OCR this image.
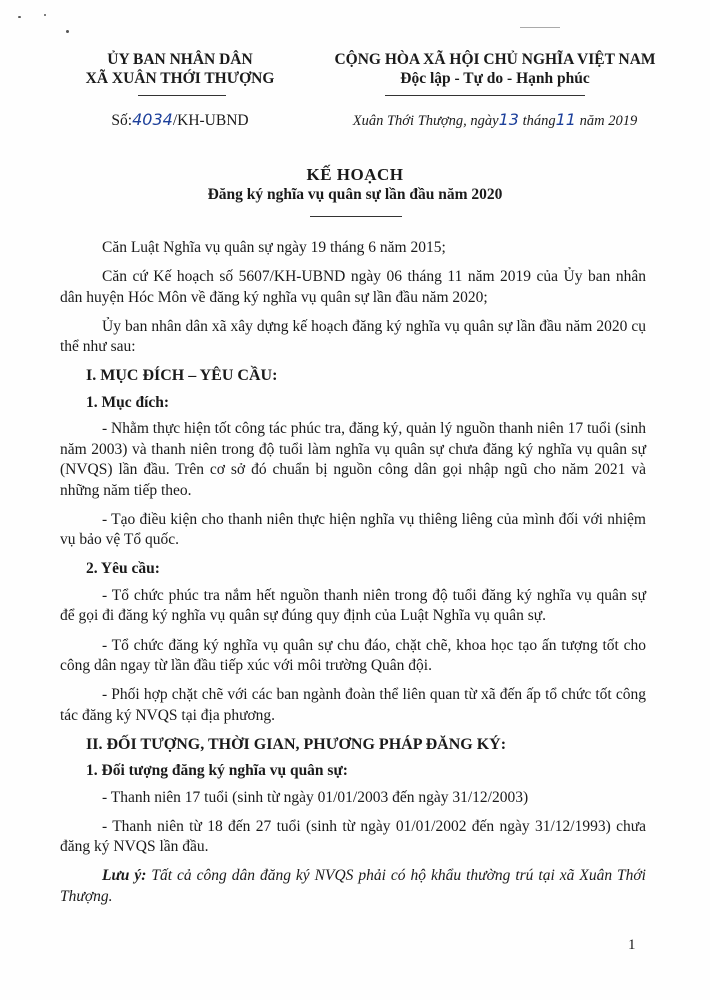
ỦY BAN NHÂN DÂN
XÃ XUÂN THỚI THƯỢNG
CỘNG HÒA XÃ HỘI CHỦ NGHĨA VIỆT NAM
Độc lập - Tự do - Hạnh phúc
Số:4034/KH-UBND	Xuân Thới Thượng, ngày13 tháng11 năm 2019
KẾ HOẠCH
Đăng ký nghĩa vụ quân sự lần đầu năm 2020

Căn Luật Nghĩa vụ quân sự ngày 19 tháng 6 năm 2015;

Căn cứ Kế hoạch số 5607/KH-UBND ngày 06 tháng 11 năm 2019 của Ủy ban nhân dân huyện Hóc Môn về đăng ký nghĩa vụ quân sự lần đầu năm 2020;

Ủy ban nhân dân xã xây dựng kế hoạch đăng ký nghĩa vụ quân sự lần đầu năm 2020 cụ thể như sau:

I. MỤC ĐÍCH – YÊU CẦU:

1. Mục đích:

- Nhằm thực hiện tốt công tác phúc tra, đăng ký, quản lý nguồn thanh niên 17 tuổi (sinh năm 2003) và thanh niên trong độ tuổi làm nghĩa vụ quân sự chưa đăng ký nghĩa vụ quân sự (NVQS) lần đầu. Trên cơ sở đó chuẩn bị nguồn công dân gọi nhập ngũ cho năm 2021 và những năm tiếp theo.

- Tạo điều kiện cho thanh niên thực hiện nghĩa vụ thiêng liêng của mình đối với nhiệm vụ bảo vệ Tổ quốc.

2. Yêu cầu:

- Tổ chức phúc tra nắm hết nguồn thanh niên trong độ tuổi đăng ký nghĩa vụ quân sự để gọi đi đăng ký nghĩa vụ quân sự đúng quy định của Luật Nghĩa vụ quân sự.

- Tổ chức đăng ký nghĩa vụ quân sự chu đáo, chặt chẽ, khoa học tạo ấn tượng tốt cho công dân ngay từ lần đầu tiếp xúc với môi trường Quân đội.

- Phối hợp chặt chẽ với các ban ngành đoàn thể liên quan từ xã đến ấp tổ chức tốt công tác đăng ký NVQS tại địa phương.

II. ĐỐI TƯỢNG, THỜI GIAN, PHƯƠNG PHÁP ĐĂNG KÝ:

1. Đối tượng đăng ký nghĩa vụ quân sự:

- Thanh niên 17 tuổi (sinh từ ngày 01/01/2003 đến ngày 31/12/2003)

- Thanh niên từ 18 đến 27 tuổi (sinh từ ngày 01/01/2002 đến ngày 31/12/1993) chưa đăng ký NVQS lần đầu.

Lưu ý: Tất cả công dân đăng ký NVQS phải có hộ khẩu thường trú tại xã Xuân Thới Thượng.

1
